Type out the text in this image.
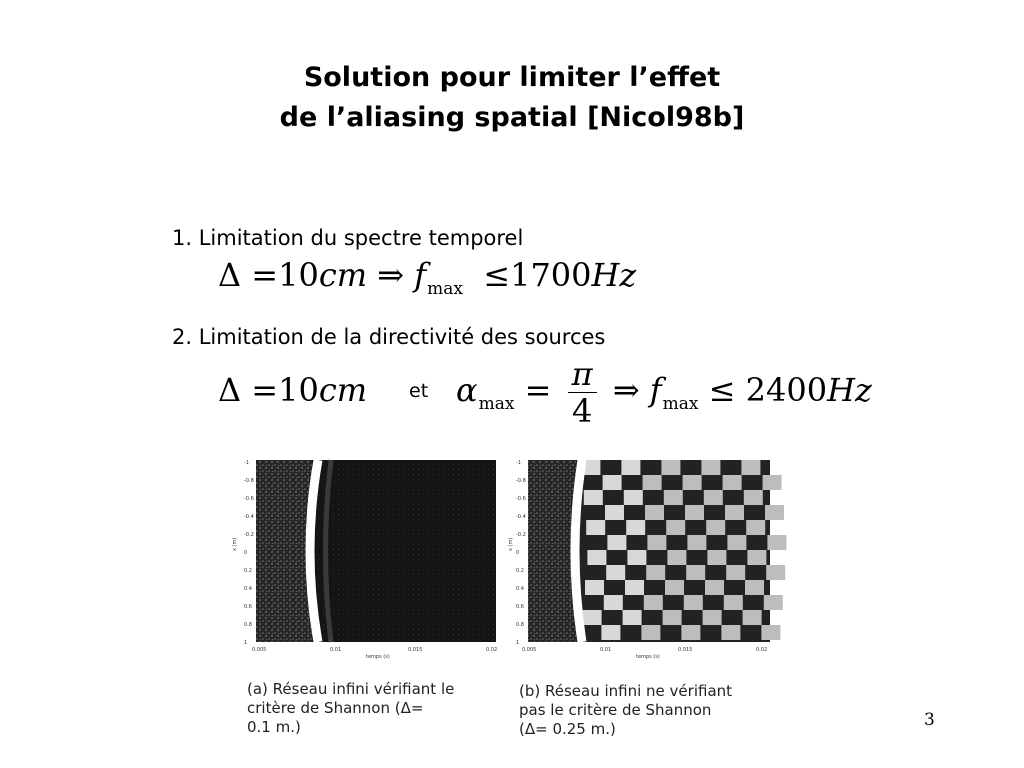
Solution pour limiter l’effet
de l’aliasing spatial [Nicol98b]
1. Limitation du spectre temporel
Δ =10cm ⇒ $f_{max} \le 1700Hz$
2. Limitation de la directivité des sources
Δ =10cm et $\alpha_{max} = \frac{\pi}{4}$ ⇒ $f_{max} \le 2400Hz$
-1
-0.8
-0.6
-0.4
-0.2
0
0.2
0.4
0.6
0.8
1
x (m)
0.005	0.01	0.015	0.02
temps (s)
-1
-0.8
-0.6
-0.4
-0.2
0
0.2
0.4
0.6
0.8
1
x (m)
0.005	0.01	0.015	0.02
temps (s)
(a) Réseau infini vérifiant le
critère de Shannon (Δ=
0.1 m.)
(b) Réseau infini ne vérifiant
pas le critère de Shannon
(Δ= 0.25 m.)	3
